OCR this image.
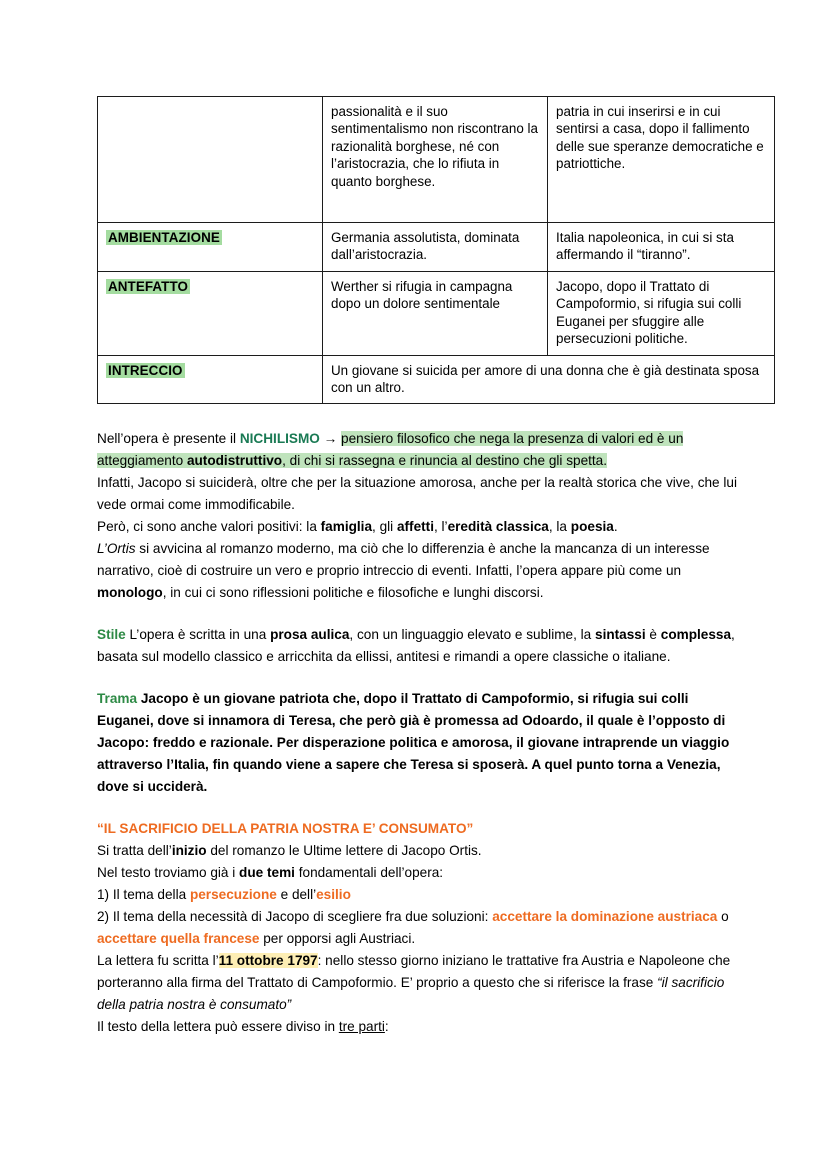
	passionalità e il suo sentimentalismo non riscontrano la razionalità borghese, né con l’aristocrazia, che lo rifiuta in quanto borghese.	patria in cui inserirsi e in cui sentirsi a casa, dopo il fallimento delle sue speranze democratiche e patriottiche.
AMBIENTAZIONE	Germania assolutista, dominata dall’aristocrazia.	Italia napoleonica, in cui si sta affermando il “tiranno”.
ANTEFATTO	Werther si rifugia in campagna dopo un dolore sentimentale	Jacopo, dopo il Trattato di Campoformio, si rifugia sui colli Euganei per sfuggire alle persecuzioni politiche.
INTRECCIO	Un giovane si suicida per amore di una donna che è già destinata sposa con un altro.	

Nell’opera è presente il NICHILISMO → pensiero filosofico che nega la presenza di valori ed è un atteggiamento autodistruttivo, di chi si rassegna e rinuncia al destino che gli spetta.
Infatti, Jacopo si suiciderà, oltre che per la situazione amorosa, anche per la realtà storica che vive, che lui vede ormai come immodificabile.
Però, ci sono anche valori positivi: la famiglia, gli affetti, l’eredità classica, la poesia.
L’Ortis si avvicina al romanzo moderno, ma ciò che lo differenzia è anche la mancanza di un interesse narrativo, cioè di costruire un vero e proprio intreccio di eventi. Infatti, l’opera appare più come un monologo, in cui ci sono riflessioni politiche e filosofiche e lunghi discorsi.

Stile L’opera è scritta in una prosa aulica, con un linguaggio elevato e sublime, la sintassi è complessa, basata sul modello classico e arricchita da ellissi, antitesi e rimandi a opere classiche o italiane.

Trama Jacopo è un giovane patriota che, dopo il Trattato di Campoformio, si rifugia sui colli Euganei, dove si innamora di Teresa, che però già è promessa ad Odoardo, il quale è l’opposto di Jacopo: freddo e razionale. Per disperazione politica e amorosa, il giovane intraprende un viaggio attraverso l’Italia, fin quando viene a sapere che Teresa si sposerà. A quel punto torna a Venezia, dove si ucciderà.

“IL SACRIFICIO DELLA PATRIA NOSTRA E’ CONSUMATO”

Si tratta dell’inizio del romanzo le Ultime lettere di Jacopo Ortis.
Nel testo troviamo già i due temi fondamentali dell’opera:
1) Il tema della persecuzione e dell’esilio
2) Il tema della necessità di Jacopo di scegliere fra due soluzioni: accettare la dominazione austriaca o accettare quella francese per opporsi agli Austriaci.
La lettera fu scritta l’11 ottobre 1797: nello stesso giorno iniziano le trattative fra Austria e Napoleone che porteranno alla firma del Trattato di Campoformio. E’ proprio a questo che si riferisce la frase “il sacrificio della patria nostra è consumato”
Il testo della lettera può essere diviso in tre parti:
